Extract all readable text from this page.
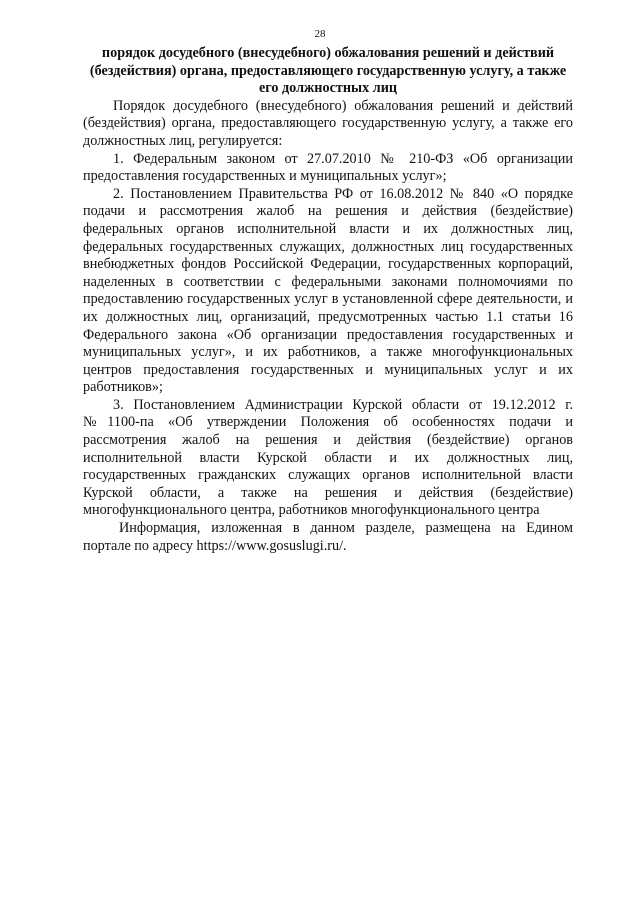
28

порядок досудебного (внесудебного) обжалования решений и действий (бездействия) органа, предоставляющего государственную услугу, а также его должностных лиц

Порядок досудебного (внесудебного) обжалования решений и действий (бездействия) органа, предоставляющего государственную услугу, а также его должностных лиц, регулируется:

1. Федеральным законом от 27.07.2010 № 210-ФЗ «Об организации предоставления государственных и муниципальных услуг»;

2. Постановлением Правительства РФ от 16.08.2012 № 840 «О порядке подачи и рассмотрения жалоб на решения и действия (бездействие) федеральных органов исполнительной власти и их должностных лиц, федеральных государственных служащих, должностных лиц государственных внебюджетных фондов Российской Федерации, государственных корпораций, наделенных в соответствии с федеральными законами полномочиями по предоставлению государственных услуг в установленной сфере деятельности, и их должностных лиц, организаций, предусмотренных частью 1.1 статьи 16 Федерального закона «Об организации предоставления государственных и муниципальных услуг», и их работников, а также многофункциональных центров предоставления государственных и муниципальных услуг и их работников»;

3. Постановлением Администрации Курской области от 19.12.2012 г. №1100-па «Об утверждении Положения об особенностях подачи и рассмотрения жалоб на решения и действия (бездействие) органов исполнительной власти Курской области и их должностных лиц, государственных гражданских служащих органов исполнительной власти Курской области, а также на решения и действия (бездействие) многофункционального центра, работников многофункционального центра

Информация, изложенная в данном разделе, размещена на Едином портале по адресу https://www.gosuslugi.ru/.
